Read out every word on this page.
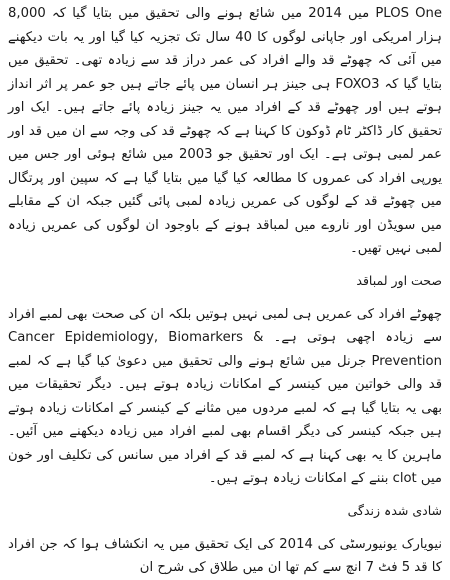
PLOS One میں 2014 میں شائع ہونے والی تحقیق میں بتایا گیا کہ 8,000 ہزار امریکی اور جاپانی لوگوں کا 40 سال تک تجزیہ کیا گیا اور یہ بات دیکھنے میں آئی کہ چھوٹے قد والے افراد کی عمر دراز قد سے زیادہ تھی۔ تحقیق میں بتایا گیا کہ FOXO3 ہی جینز ہر انسان میں پائے جاتے ہیں جو عمر پر اثر انداز ہوتے ہیں اور چھوٹے قد کے افراد میں یہ جینز زیادہ پائے جاتے ہیں۔ ایک اور تحقیق کار ڈاکٹر ٹام ڈوکون کا کہنا ہے کہ چھوٹے قد کی وجہ سے ان میں قد اور عمر لمبی ہوتی ہے۔ ایک اور تحقیق جو 2003 میں شائع ہوئی اور جس میں یورپی افراد کی عمروں کا مطالعہ کیا گیا میں بتایا گیا ہے کہ سپین اور پرتگال میں چھوٹے قد کے لوگوں کی عمریں زیادہ لمبی پائی گئیں جبکہ ان کے مقابلے میں سویڈن اور ناروے میں لمباقد ہونے کے باوجود ان لوگوں کی عمریں زیادہ لمبی نہیں تھیں۔

صحت اور لمباقد

چھوٹے افراد کی عمریں ہی لمبی نہیں ہوتیں بلکہ ان کی صحت بھی لمبے افراد سے زیادہ اچھی ہوتی ہے۔ Cancer Epidemiology, Biomarkers & Prevention جرنل میں شائع ہونے والی تحقیق میں دعویٰ کیا گیا ہے کہ لمبے قد والی خواتین میں کینسر کے امکانات زیادہ ہوتے ہیں۔ دیگر تحقیقات میں بھی یہ بتایا گیا ہے کہ لمبے مردوں میں مثانے کے کینسر کے امکانات زیادہ ہوتے ہیں جبکہ کینسر کی دیگر اقسام بھی لمبے افراد میں زیادہ دیکھنے میں آئیں۔ ماہرین کا یہ بھی کہنا ہے کہ لمبے قد کے افراد میں سانس کی تکلیف اور خون میں clot بننے کے امکانات زیادہ ہوتے ہیں۔

شادی شدہ زندگی

نیویارک یونیورسٹی کی 2014 کی ایک تحقیق میں یہ انکشاف ہوا کہ جن افراد کا قد 5 فٹ 7 انچ سے کم تھا ان میں طلاق کی شرح ان
